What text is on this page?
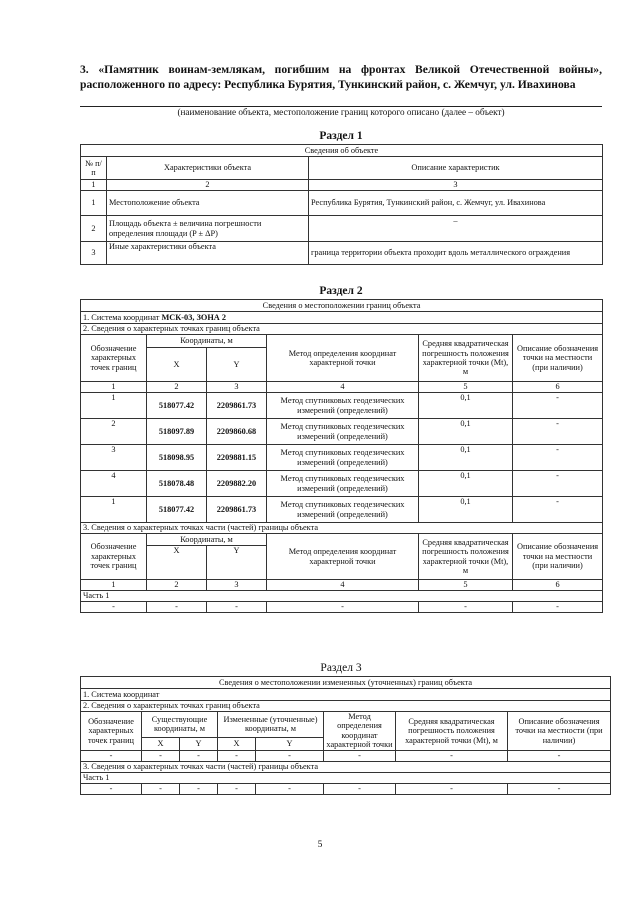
3. «Памятник воинам-землякам, погибшим на фронтах Великой Отечественной войны», расположенного по адресу: Республика Бурятия, Тункинский район, с. Жемчуг, ул. Ивахинова
(наименование объекта, местоположение границ которого описано (далее – объект)
Раздел 1
Сведения об объекте		
№ п/п	Характеристики объекта	Описание характеристик
1	2	3
1	Местоположение объекта	Республика Бурятия, Тункинский район, с. Жемчуг, ул. Ивахинова
2	Площадь объекта ± величина погрешности определения площади (P ± ΔP)	–
3	Иные характеристики объекта	граница территории объекта проходит вдоль металлического ограждения
Раздел 2
Сведения о местоположении границ объекта					
1. Система координат МСК-03, ЗОНА 2					
2. Сведения о характерных точках границ объекта					
Обозначение характерных точек границ	Координаты, м		Метод определения координат характерной точки	Средняя квадратическая погрешность положения характерной точки (Mt), м	Описание обозначения точки на местности (при наличии)
	X	Y			
1	2	3	4	5	6
1	518077.42	2209861.73	Метод спутниковых геодезических измерений (определений)	0,1	-
2	518097.89	2209860.68	Метод спутниковых геодезических измерений (определений)	0,1	-
3	518098.95	2209881.15	Метод спутниковых геодезических измерений (определений)	0,1	-
4	518078.48	2209882.20	Метод спутниковых геодезических измерений (определений)	0,1	-
1	518077.42	2209861.73	Метод спутниковых геодезических измерений (определений)	0,1	-
3. Сведения о характерных точках части (частей) границы объекта					
Обозначение характерных точек границ	Координаты, м		Метод определения координат характерной точки	Средняя квадратическая погрешность положения характерной точки (Mt), м	Описание обозначения точки на местности (при наличии)
	X	Y			
1	2	3	4	5	6
Часть 1					
-	-	-	-	-	-
Раздел 3
Сведения о местоположении измененных (уточненных) границ объекта							
1. Система координат							
2. Сведения о характерных точках границ объекта							
Обозначение характерных точек границ	Существующие координаты, м		Измененные (уточненные) координаты, м		Метод определения координат характерной точки	Средняя квадратическая погрешность положения характерной точки (Mt), м	Описание обозначения точки на местности (при наличии)
	X	Y	X	Y			
-	-	-	-	-	-	-	-
3. Сведения о характерных точках части (частей) границы объекта							
Часть 1							
-	-	-	-	-	-	-	-
5
